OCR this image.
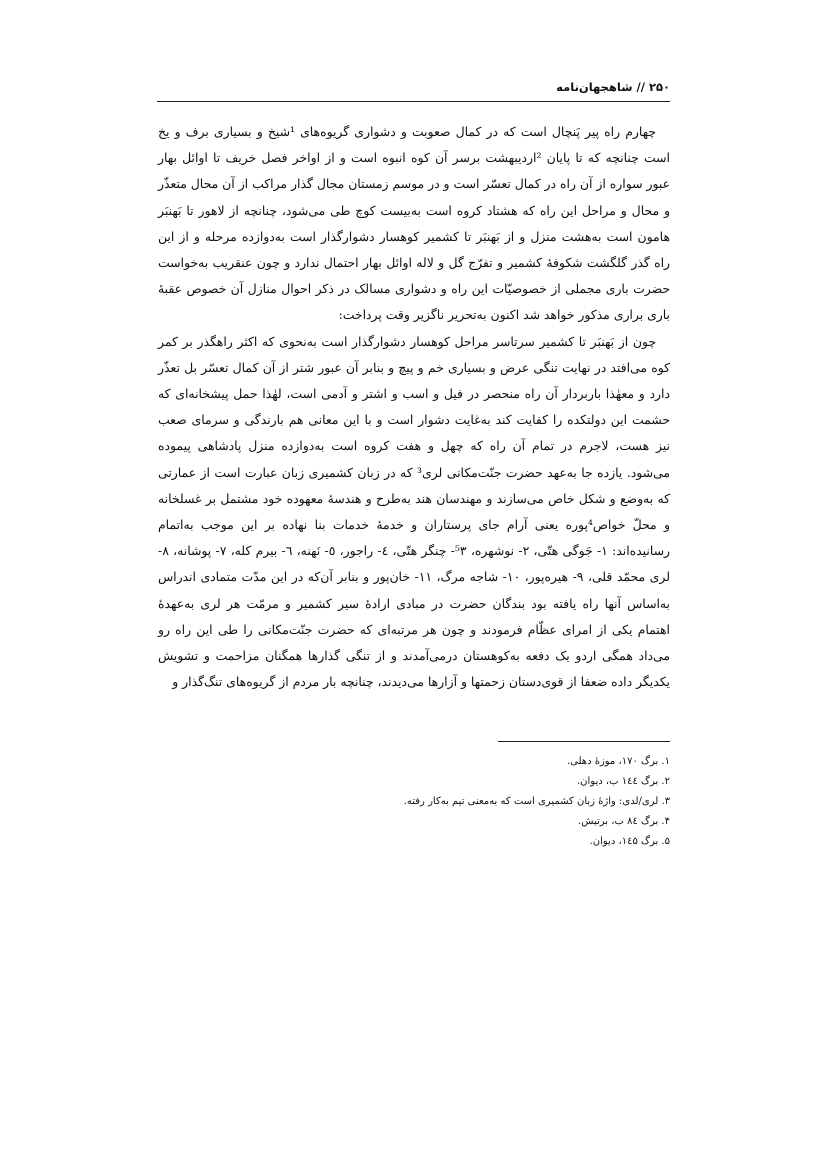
۲۵۰ // شاهجهان‌نامه

چهارم راه پیر پَنچال است که در کمال صعوبت و دشواری گریوه‌های ¹شیخ و بسیاری برف و یخ است چنانچه که تا پایان ²اردیبهشت برسر آن کوه انبوه است و از اواخر فصل خریف تا اوائل بهار عبور سواره از آن راه در کمال تعسّر است و در موسم زمستان مجال گذار مراکب از آن محال متعذّر و محال و مراحل این راه که هشتاد کروه است به‌بیست کوچ طی می‌شود، چنانچه از لاهور تا بَهنبَر هامون است به‌هشت منزل و از بَهنبَر تا کشمیر کوهسار دشوارگذار است به‌دوازده مرحله و از این راه گذر گلگشت شکوفهٔ کشمیر و تفرّج گل و لاله اوائل بهار احتمال ندارد و چون عنقریب به‌خواست حضرت باری مجملی از خصوصیّات این راه و دشواری مسالک در ذکر احوال منازل آن خصوص عقبهٔ باری براری مذکور خواهد شد اکنون به‌تحریر ناگزیر وقت پرداخت:

چون از بَهنبَر تا کشمیر سرتاسر مراحل کوهسار دشوارگذار است به‌نحوی که اکثر راهگذر بر کمر کوه می‌افتد در نهایت تنگی عرض و بسیاری خم و پیچ و بنابر آن عبور شتر از آن کمال تعسّر بل تعذّر دارد و معهٰذا باربردار آن راه منحصر در فیل و اسب و اشتر و آدمی است، لهٰذا حمل پیشخانه‌ای که حشمت این دولتکده را کفایت کند به‌غایت دشوار است و با این معانی هم بارندگی و سرمای صعب نیز هست، لاجرم در تمام آن راه که چهل و هفت کروه است به‌دوازده منزل پادشاهی پیموده می‌شود. یازده جا به‌عهد حضرت جنّت‌مکانی لری³ که در زبان کشمیری زبان عبارت است از عمارتی که به‌وضع و شکل خاص می‌سازند و مهندسان هند به‌طرح و هندسهٔ معهوده خود مشتمل بر غسلخانه و محلّ خواص⁴پوره یعنی آرام جای پرستاران و خدمهٔ خدمات بنا نهاده بر این موجب به‌اتمام رسانیده‌اند: ۱- جَوگی هتّی، ۲- نوشهره، ⁵۳- چنگر هتّی، ٤- راجور، ٥- نَهنه، ٦- بیرم کله، ۷- پوشانه، ۸- لری محمّد قلی، ۹- هیره‌پور، ۱۰- شاجه مرگ، ۱۱- خان‌پور و بنابر آن‌که در این مدّت متمادی اندراس به‌اساس آنها راه یافته بود بندگان حضرت در مبادی ارادهٔ سیر کشمیر و مرمّت هر لری به‌عهدهٔ اهتمام یکی از امرای عظّام فرمودند و چون هر مرتبه‌ای که حضرت جنّت‌مکانی را طی این راه رو می‌داد همگی اردو یک دفعه به‌کوهستان درمی‌آمدند و از تنگی گذارها همگنان مزاحمت و تشویش یکدیگر داده ضعفا از قوی‌دستان زحمتها و آزارها می‌دیدند، چنانچه بار مردم از گریوه‌های تنگ‌گذار و

۱. برگ ۱۷۰، موزهٔ دهلی.
۲. برگ ۱٤٤ ب، دیوان.
۳. لری/لدی: واژهٔ زبان کشمیری است که به‌معنی تیم به‌کار رفته.
۴. برگ ۸٤ ب، برتیش.
۵. برگ ۱٤۵، دیوان.
